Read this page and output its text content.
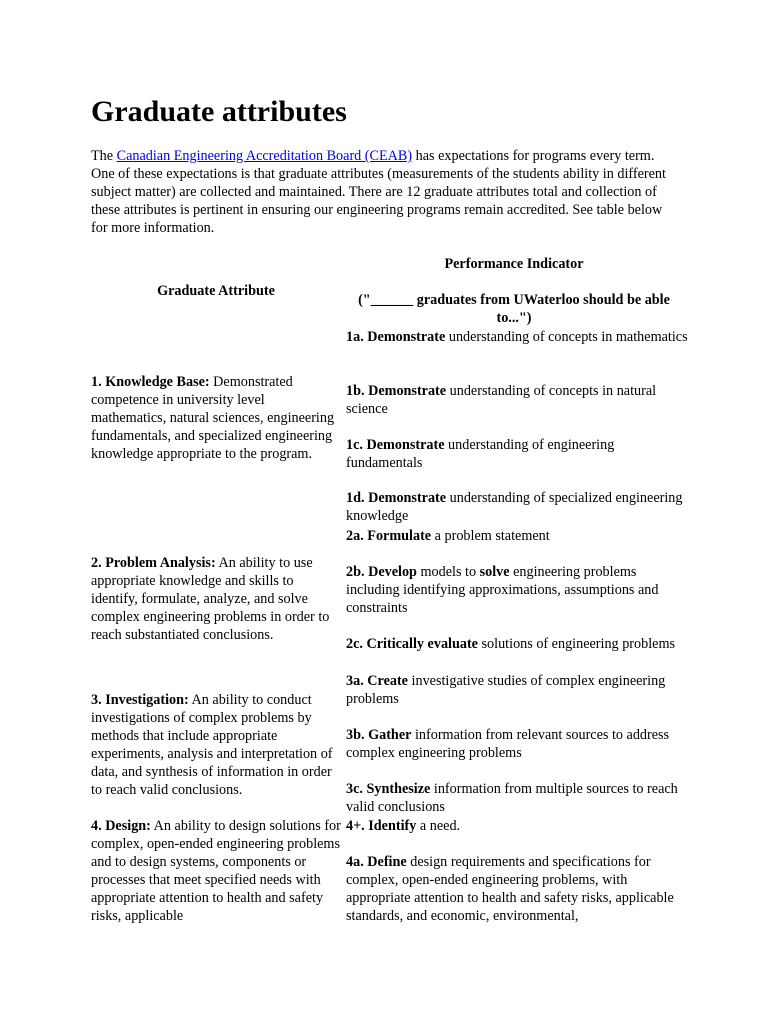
Graduate attributes

The Canadian Engineering Accreditation Board (CEAB) has expectations for programs every term. One of these expectations is that graduate attributes (measurements of the students ability in different subject matter) are collected and maintained. There are 12 graduate attributes total and collection of these attributes is pertinent in ensuring our engineering programs remain accredited. See table below for more information.

Graduate Attribute
Performance Indicator
("______ graduates from UWaterloo should be able to...")
1. Knowledge Base: Demonstrated competence in university level mathematics, natural sciences, engineering fundamentals, and specialized engineering knowledge appropriate to the program.
2. Problem Analysis: An ability to use appropriate knowledge and skills to identify, formulate, analyze, and solve complex engineering problems in order to reach substantiated conclusions.
3. Investigation: An ability to conduct investigations of complex problems by methods that include appropriate experiments, analysis and interpretation of data, and synthesis of information in order to reach valid conclusions.
4. Design: An ability to design solutions for complex, open-ended engineering problems and to design systems, components or processes that meet specified needs with appropriate attention to health and safety risks, applicable
1a. Demonstrate understanding of concepts in mathematics
1b. Demonstrate understanding of concepts in natural science
1c. Demonstrate understanding of engineering fundamentals
1d. Demonstrate understanding of specialized engineering knowledge
2a. Formulate a problem statement
2b. Develop models to solve engineering problems including identifying approximations, assumptions and constraints
2c. Critically evaluate solutions of engineering problems
3a. Create investigative studies of complex engineering problems
3b. Gather information from relevant sources to address complex engineering problems
3c. Synthesize information from multiple sources to reach valid conclusions
4+. Identify a need.
4a. Define design requirements and specifications for complex, open-ended engineering problems, with appropriate attention to health and safety risks, applicable standards, and economic, environmental,
